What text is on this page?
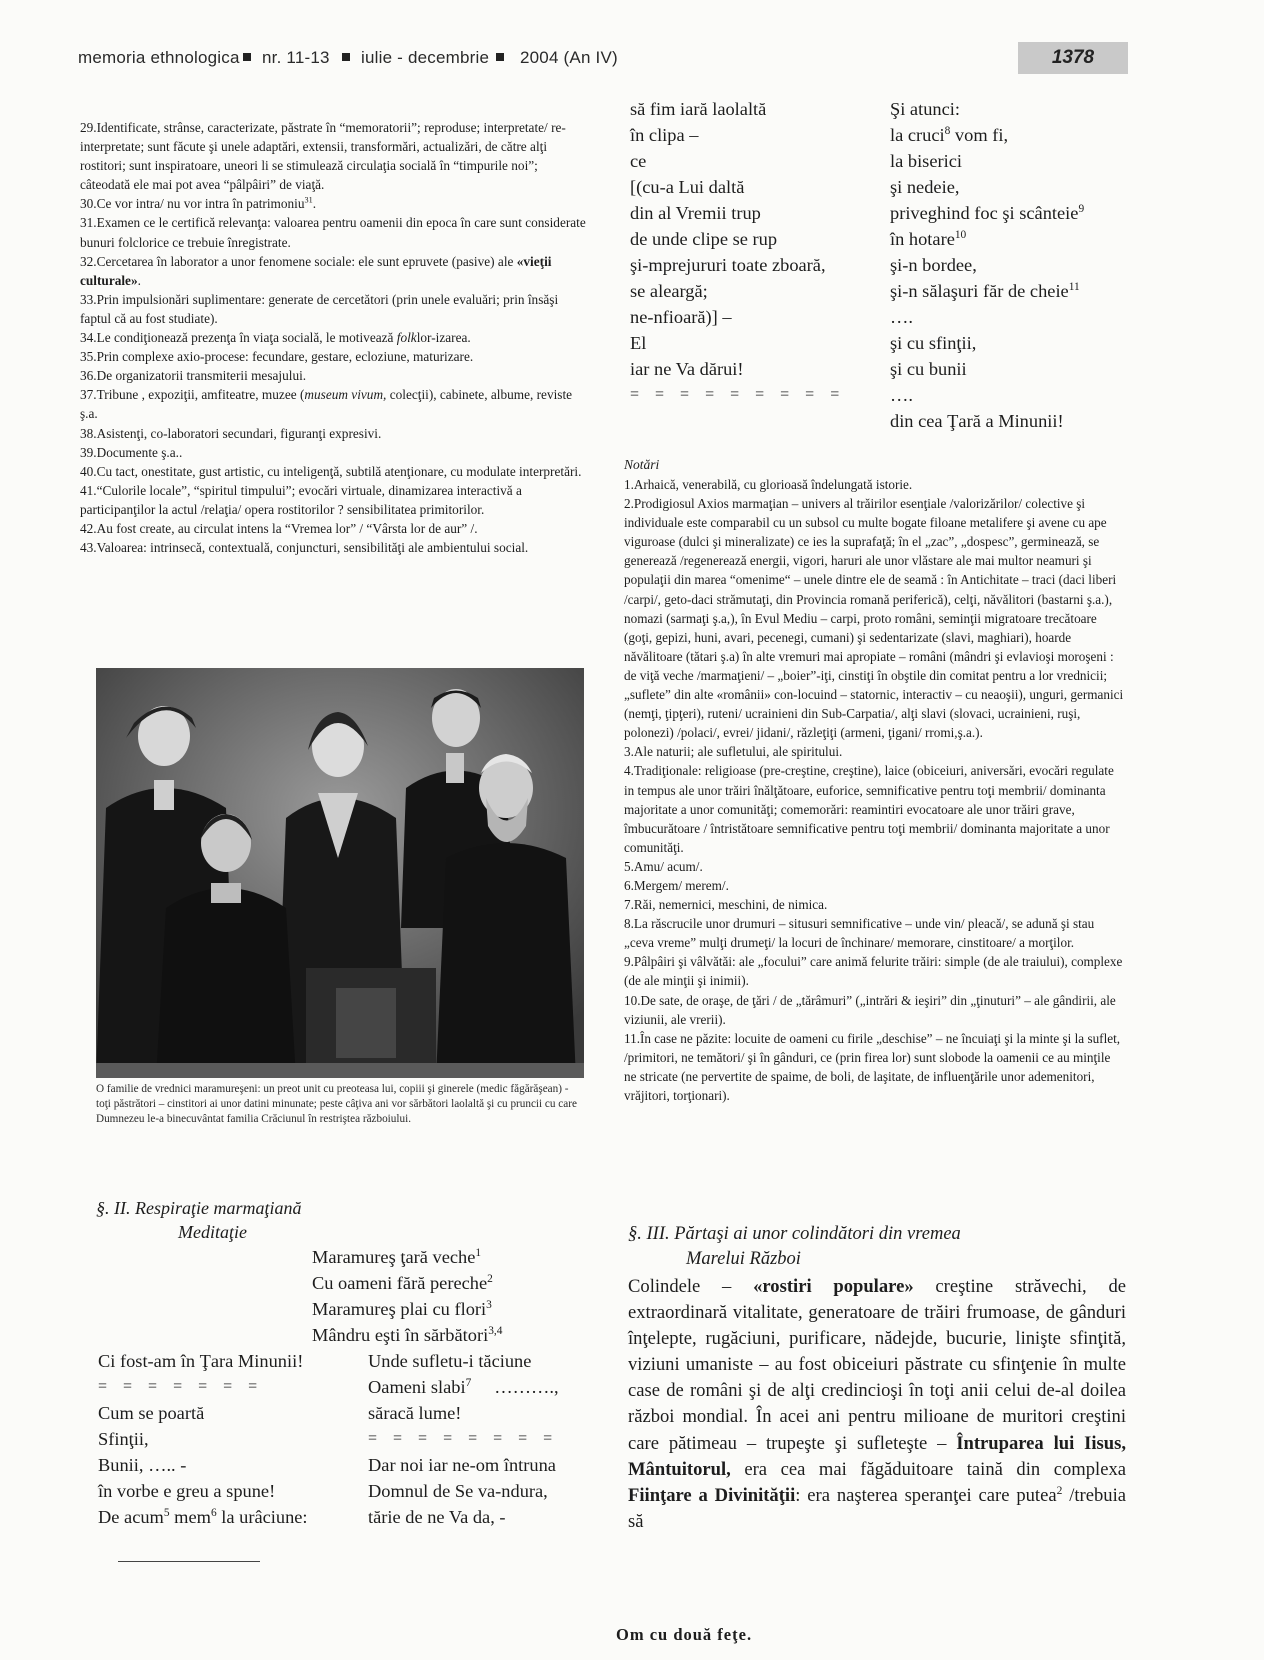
memoria ethnologica nr. 11-13 iulie - decembrie 2004 (An IV)	1378

29.Identificate, strânse, caracterizate, păstrate în “memoratorii”; reproduse; interpretate/ re-interpretate; sunt făcute şi unele adaptări, extensii, transformări, actualizări, de către alţi rostitori; sunt inspiratoare, uneori li se stimulează circulaţia socială în “timpurile noi”; câteodată ele mai pot avea “pâlpâiri” de viaţă.

30.Ce vor intra/ nu vor intra în patrimoniu$^{31}$.

31.Examen ce le certifică relevanţa: valoarea pentru oamenii din epoca în care sunt considerate bunuri folclorice ce trebuie înregistrate.

32.Cercetarea în laborator a unor fenomene sociale: ele sunt epruvete (pasive) ale «vieţii culturale».

33.Prin impulsionări suplimentare: generate de cercetători (prin unele evaluări; prin însăşi faptul că au fost studiate).

34.Le condiţionează prezenţa în viaţa socială, le motivează folklor-izarea.

35.Prin complexe axio-procese: fecundare, gestare, ecloziune, maturizare.

36.De organizatorii transmiterii mesajului.

37.Tribune , expoziţii, amfiteatre, muzee (museum vivum, colecţii), cabinete, albume, reviste ş.a.

38.Asistenţi, co-laboratori secundari, figuranţi expresivi.

39.Documente ş.a..

40.Cu tact, onestitate, gust artistic, cu inteligenţă, subtilă atenţionare, cu modulate interpretări.

41.“Culorile locale”, “spiritul timpului”; evocări virtuale, dinamizarea interactivă a participanţilor la actul /relaţia/ opera rostitorilor ? sensibilitatea primitorilor.

42.Au fost create, au circulat intens la “Vremea lor” / “Vârsta lor de aur” /.

43.Valoarea: intrinsecă, contextuală, conjuncturi, sensibilităţi ale ambientului social.

O familie de vrednici maramureşeni: un preot unit cu preoteasa lui, copiii şi ginerele (medic făgărăşean) - toţi păstrători – cinstitori ai unor datini minunate; peste câţiva ani vor sărbători laolaltă şi cu pruncii cu care Dumnezeu le-a binecuvântat familia Crăciunul în restriştea războiului.
§. II. Respiraţie marmaţiană
Meditaţie
Maramureş ţară veche$^1$
Cu oameni fără pereche$^2$
Maramureş plai cu flori$^3$
Mândru eşti în sărbători$^{3,4}$
Ci fost-am în Ţara Minunii!
= = = = = = =
Cum se poartă
Sfinţii,
Bunii, ….. -
în vorbe e greu a spune!
De acum$^5$ mem$^6$ la urâciune:
Unde sufletu-i tăciune
Oameni slabi$^7$     ……….,
săracă lume!
= = = = = = = =
Dar noi iar ne-om întruna
Domnul de Se va-ndura,
tărie de ne Va da, -
să fim iară laolaltă
în clipa –
ce
[(cu-a Lui daltă
din al Vremii trup
de unde clipe se rup
şi-mprejururi toate zboară,
se aleargă;
ne-nfioară)] –
El
iar ne Va dărui!
= = = = = = = = =
Şi atunci:
la cruci$^8$ vom fi,
la biserici
şi nedeie,
priveghind foc şi scânteie$^9$
în hotare$^{10}$
şi-n bordee,
şi-n sălaşuri făr de cheie$^{11}$
….
şi cu sfinţii,
şi cu bunii
….
din cea Ţară a Minunii!
Notări

1.Arhaică, venerabilă, cu glorioasă îndelungată istorie.

2.Prodigiosul Axios marmaţian – univers al trăirilor esenţiale /valorizărilor/ colective şi individuale este comparabil cu un subsol cu multe bogate filoane metalifere şi avene cu ape viguroase (dulci şi mineralizate) ce ies la suprafaţă; în el „zac”, „dospesc”, germinează, se generează /regenerează energii, vigori, haruri ale unor vlăstare ale mai multor neamuri şi populaţii din marea “omenime“ – unele dintre ele de seamă : în Antichitate – traci (daci liberi /carpi/, geto-daci strămutaţi, din Provincia romană periferică), celţi, năvălitori (bastarni ş.a.), nomazi (sarmaţi ş.a,), în Evul Mediu – carpi, proto români, seminţii migratoare trecătoare (goţi, gepizi, huni, avari, pecenegi, cumani) şi sedentarizate (slavi, maghiari), hoarde năvălitoare (tătari ş.a) în alte vremuri mai apropiate – români (mândri şi evlavioşi moroşeni : de viţă veche /marmaţieni/ – „boier”-iţi, cinstiţi în obştile din comitat pentru a lor vrednicii; „suflete” din alte «românii» con-locuind – statornic, interactiv – cu neaoşii), unguri, germanici (nemţi, ţipţeri), ruteni/ ucrainieni din Sub-Carpatia/, alţi slavi (slovaci, ucrainieni, ruşi, polonezi) /polaci/, evrei/ jidani/, răzleţiţi (armeni, ţigani/ rromi,ş.a.).

3.Ale naturii; ale sufletului, ale spiritului.

4.Tradiţionale: religioase (pre-creştine, creştine), laice (obiceiuri, aniversări, evocări regulate in tempus ale unor trăiri înălţătoare, euforice, semnificative pentru toţi membrii/ dominanta majoritate a unor comunităţi; comemorări: reamintiri evocatoare ale unor trăiri grave, îmbucurătoare / întristătoare semnificative pentru toţi membrii/ dominanta majoritate a unor comunităţi.

5.Amu/ acum/.

6.Mergem/ merem/.

7.Răi, nemernici, meschini, de nimica.

8.La răscrucile unor drumuri – situsuri semnificative – unde vin/ pleacă/, se adună şi stau „ceva vreme” mulţi drumeţi/ la locuri de închinare/ memorare, cinstitoare/ a morţilor.

9.Pâlpâiri şi vâlvătăi: ale „focului” care animă felurite trăiri: simple (de ale traiului), complexe (de ale minţii şi inimii).

10.De sate, de oraşe, de ţări / de „tărâmuri” („intrări & ieşiri” din „ţinuturi” – ale gândirii, ale viziunii, ale vrerii).

11.În case ne păzite: locuite de oameni cu firile „deschise” – ne încuiaţi şi la minte şi la suflet, /primitori, ne temători/ şi în gânduri, ce (prin firea lor) sunt slobode la oamenii ce au minţile ne stricate (ne pervertite de spaime, de boli, de laşitate, de influenţările unor ademenitori, vrăjitori, torţionari).

§. III. Părtaşi ai unor colindători din vremea
Marelui Război
Colindele – «rostiri populare» creştine străvechi, de extraordinară vitalitate, generatoare de trăiri frumoase, de gânduri înţelepte, rugăciuni, purificare, nădejde, bucurie, linişte sfinţită, viziuni umaniste – au fost obiceiuri păstrate cu sfinţenie în multe case de români şi de alţi credincioşi în toţi anii celui de-al doilea război mondial. În acei ani pentru milioane de muritori creştini care pătimeau – trupeşte şi sufleteşte – Întruparea lui Iisus, Mântuitorul, era cea mai făgăduitoare taină din complexa Fiinţare a Divinităţii: era naşterea speranţei care putea$^2$ /trebuia să
Om cu două feţe.
